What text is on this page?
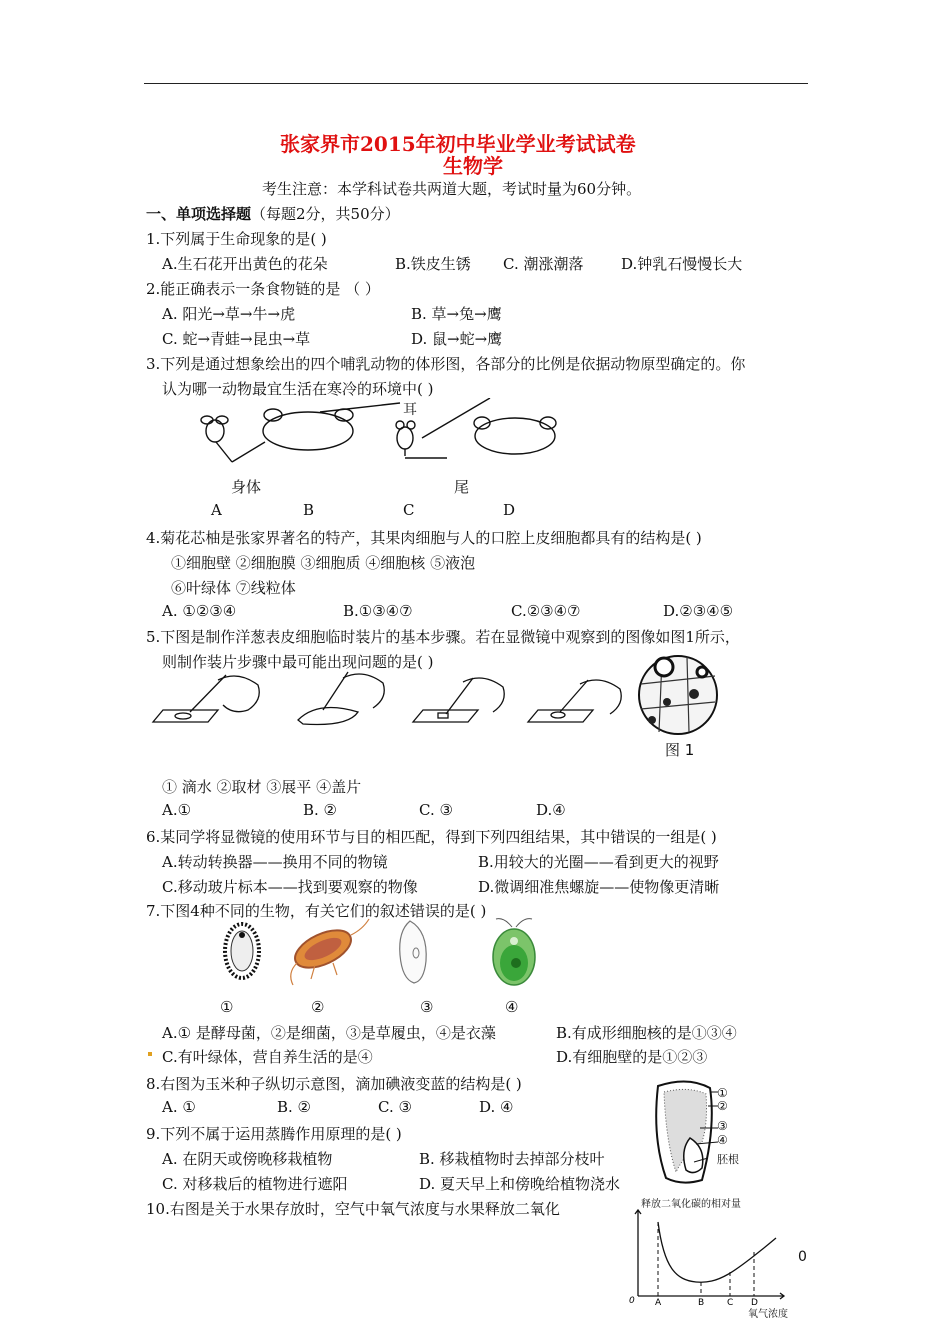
张家界市2015年初中毕业学业考试试卷
生物学
考生注意：本学科试卷共两道大题，考试时量为60分钟。
一、单项选择题（每题2分，共50分）
1.下列属于生命现象的是( )
A.生石花开出黄色的花朵	B.铁皮生锈 C. 潮涨潮落	D.钟乳石慢慢长大
2.能正确表示一条食物链的是 （ ）
A. 阳光→草→牛→虎	B. 草→兔→鹰
C. 蛇→青蛙→昆虫→草	D. 鼠→蛇→鹰
3.下列是通过想象绘出的四个哺乳动物的体形图，各部分的比例是依据动物原型确定的。你
认为哪一动物最宜生活在寒冷的环境中( )
耳
身体	尾
A	B	C	D
4.菊花芯柚是张家界著名的特产，其果肉细胞与人的口腔上皮细胞都具有的结构是( )
①细胞壁 ②细胞膜 ③细胞质 ④细胞核 ⑤液泡
⑥叶绿体 ⑦线粒体
A. ①②③④	B.①③④⑦	C.②③④⑦	D.②③④⑤
5.下图是制作洋葱表皮细胞临时装片的基本步骤。若在显微镜中观察到的图像如图1所示，
则制作装片步骤中最可能出现问题的是( )
图 1
① 滴水 ②取材 ③展平 ④盖片
A.①	B. ②	C. ③	D.④
6.某同学将显微镜的使用环节与目的相匹配，得到下列四组结果，其中错误的一组是( )
A.转动转换器——换用不同的物镜	B.用较大的光圈——看到更大的视野
C.移动玻片标本——找到要观察的物像	D.微调细准焦螺旋——使物像更清晰
7.下图4种不同的生物，有关它们的叙述错误的是( )
①	②	③	④
A.① 是酵母菌，②是细菌，③是草履虫，④是衣藻	B.有成形细胞核的是①③④
C.有叶绿体，营自养生活的是④	D.有细胞壁的是①②③
8.右图为玉米种子纵切示意图，滴加碘液变蓝的结构是( )
A. ①	B. ②	C. ③	D. ④
①
②
③
④
胚根
9.下列不属于运用蒸腾作用原理的是( )
A. 在阴天或傍晚移栽植物	B. 移栽植物时去掉部分枝叶
C. 对移栽后的植物进行遮阳	D. 夏天早上和傍晚给植物浇水
10.右图是关于水果存放时，空气中氧气浓度与水果释放二氧化	释放二氧化碳的相对量
0 A	B	C D
氧气浓度
0
